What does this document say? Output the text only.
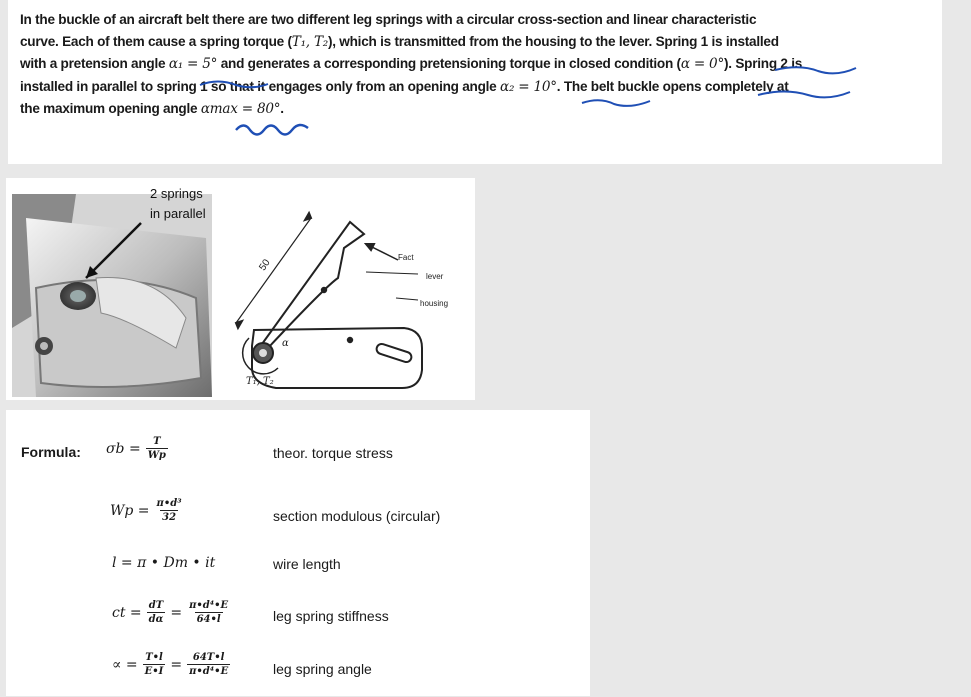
In the buckle of an aircraft belt there are two different leg springs with a circular cross-section and linear characteristic
curve. Each of them cause a spring torque (T₁, T₂), which is transmitted from the housing to the lever. Spring 1 is installed
with a pretension angle α₁ = 5° and generates a corresponding pretensioning torque in closed condition (α = 0°). Spring 2 is
installed in parallel to spring 1 so that it engages only from an opening angle α₂ = 10°. The belt buckle opens completely at
the maximum opening angle αmax = 80°.
2 springs
in parallel
50
Fact
lever
housing
α
T₁, T₂
Formula: $\sigma b = \frac{T}{Wp}$	theor. torque stress
$Wp = \frac{\text{π•d³}}{32}$	section modulous (circular)
l = π • Dm • it	wire length
ct = $\frac{dT}{d\alpha} = \frac{\text{π•d⁴•E}}{64•l}$	leg spring stiffness
∝ = $\frac{T•l}{E•I} = \frac{64T•l}{\text{π•d⁴•E}}$	leg spring angle
